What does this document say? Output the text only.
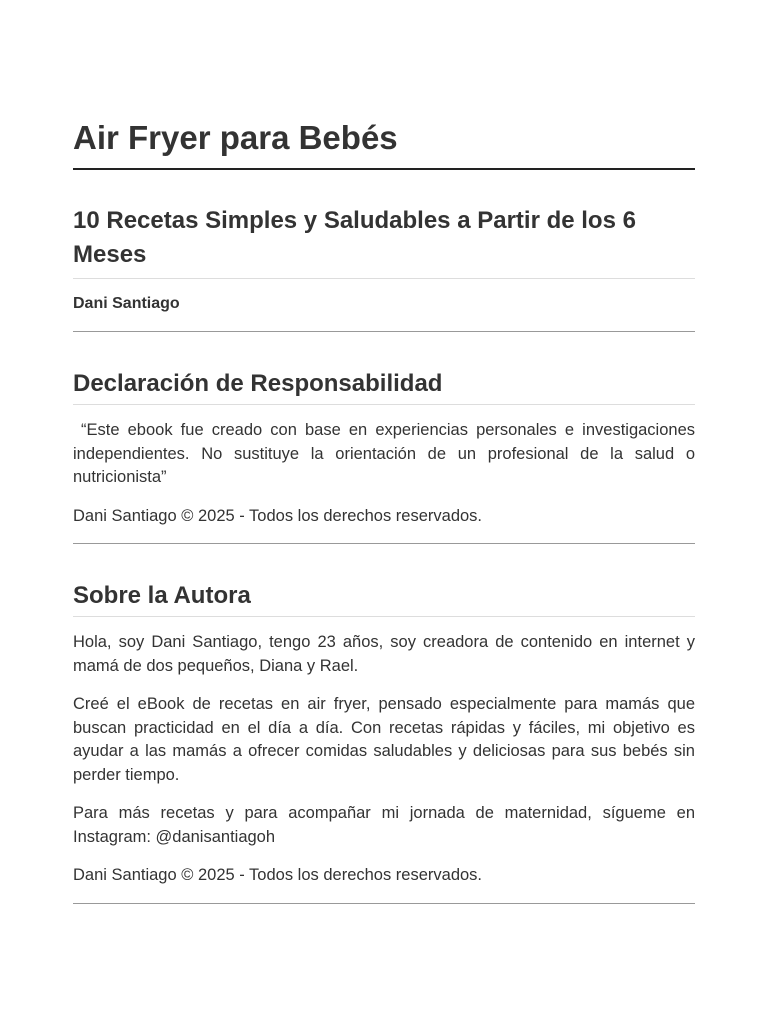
Air Fryer para Bebés
10 Recetas Simples y Saludables a Partir de los 6 Meses

Dani Santiago

Declaración de Responsabilidad

“Este ebook fue creado con base en experiencias personales e investigaciones independientes. No sustituye la orientación de un profesional de la salud o nutricionista”

Dani Santiago © 2025 - Todos los derechos reservados.

Sobre la Autora

Hola, soy Dani Santiago, tengo 23 años, soy creadora de contenido en internet y mamá de dos pequeños, Diana y Rael.

Creé el eBook de recetas en air fryer, pensado especialmente para mamás que buscan practicidad en el día a día. Con recetas rápidas y fáciles, mi objetivo es ayudar a las mamás a ofrecer comidas saludables y deliciosas para sus bebés sin perder tiempo.

Para más recetas y para acompañar mi jornada de maternidad, sígueme en Instagram: @danisantiagoh

Dani Santiago © 2025 - Todos los derechos reservados.
